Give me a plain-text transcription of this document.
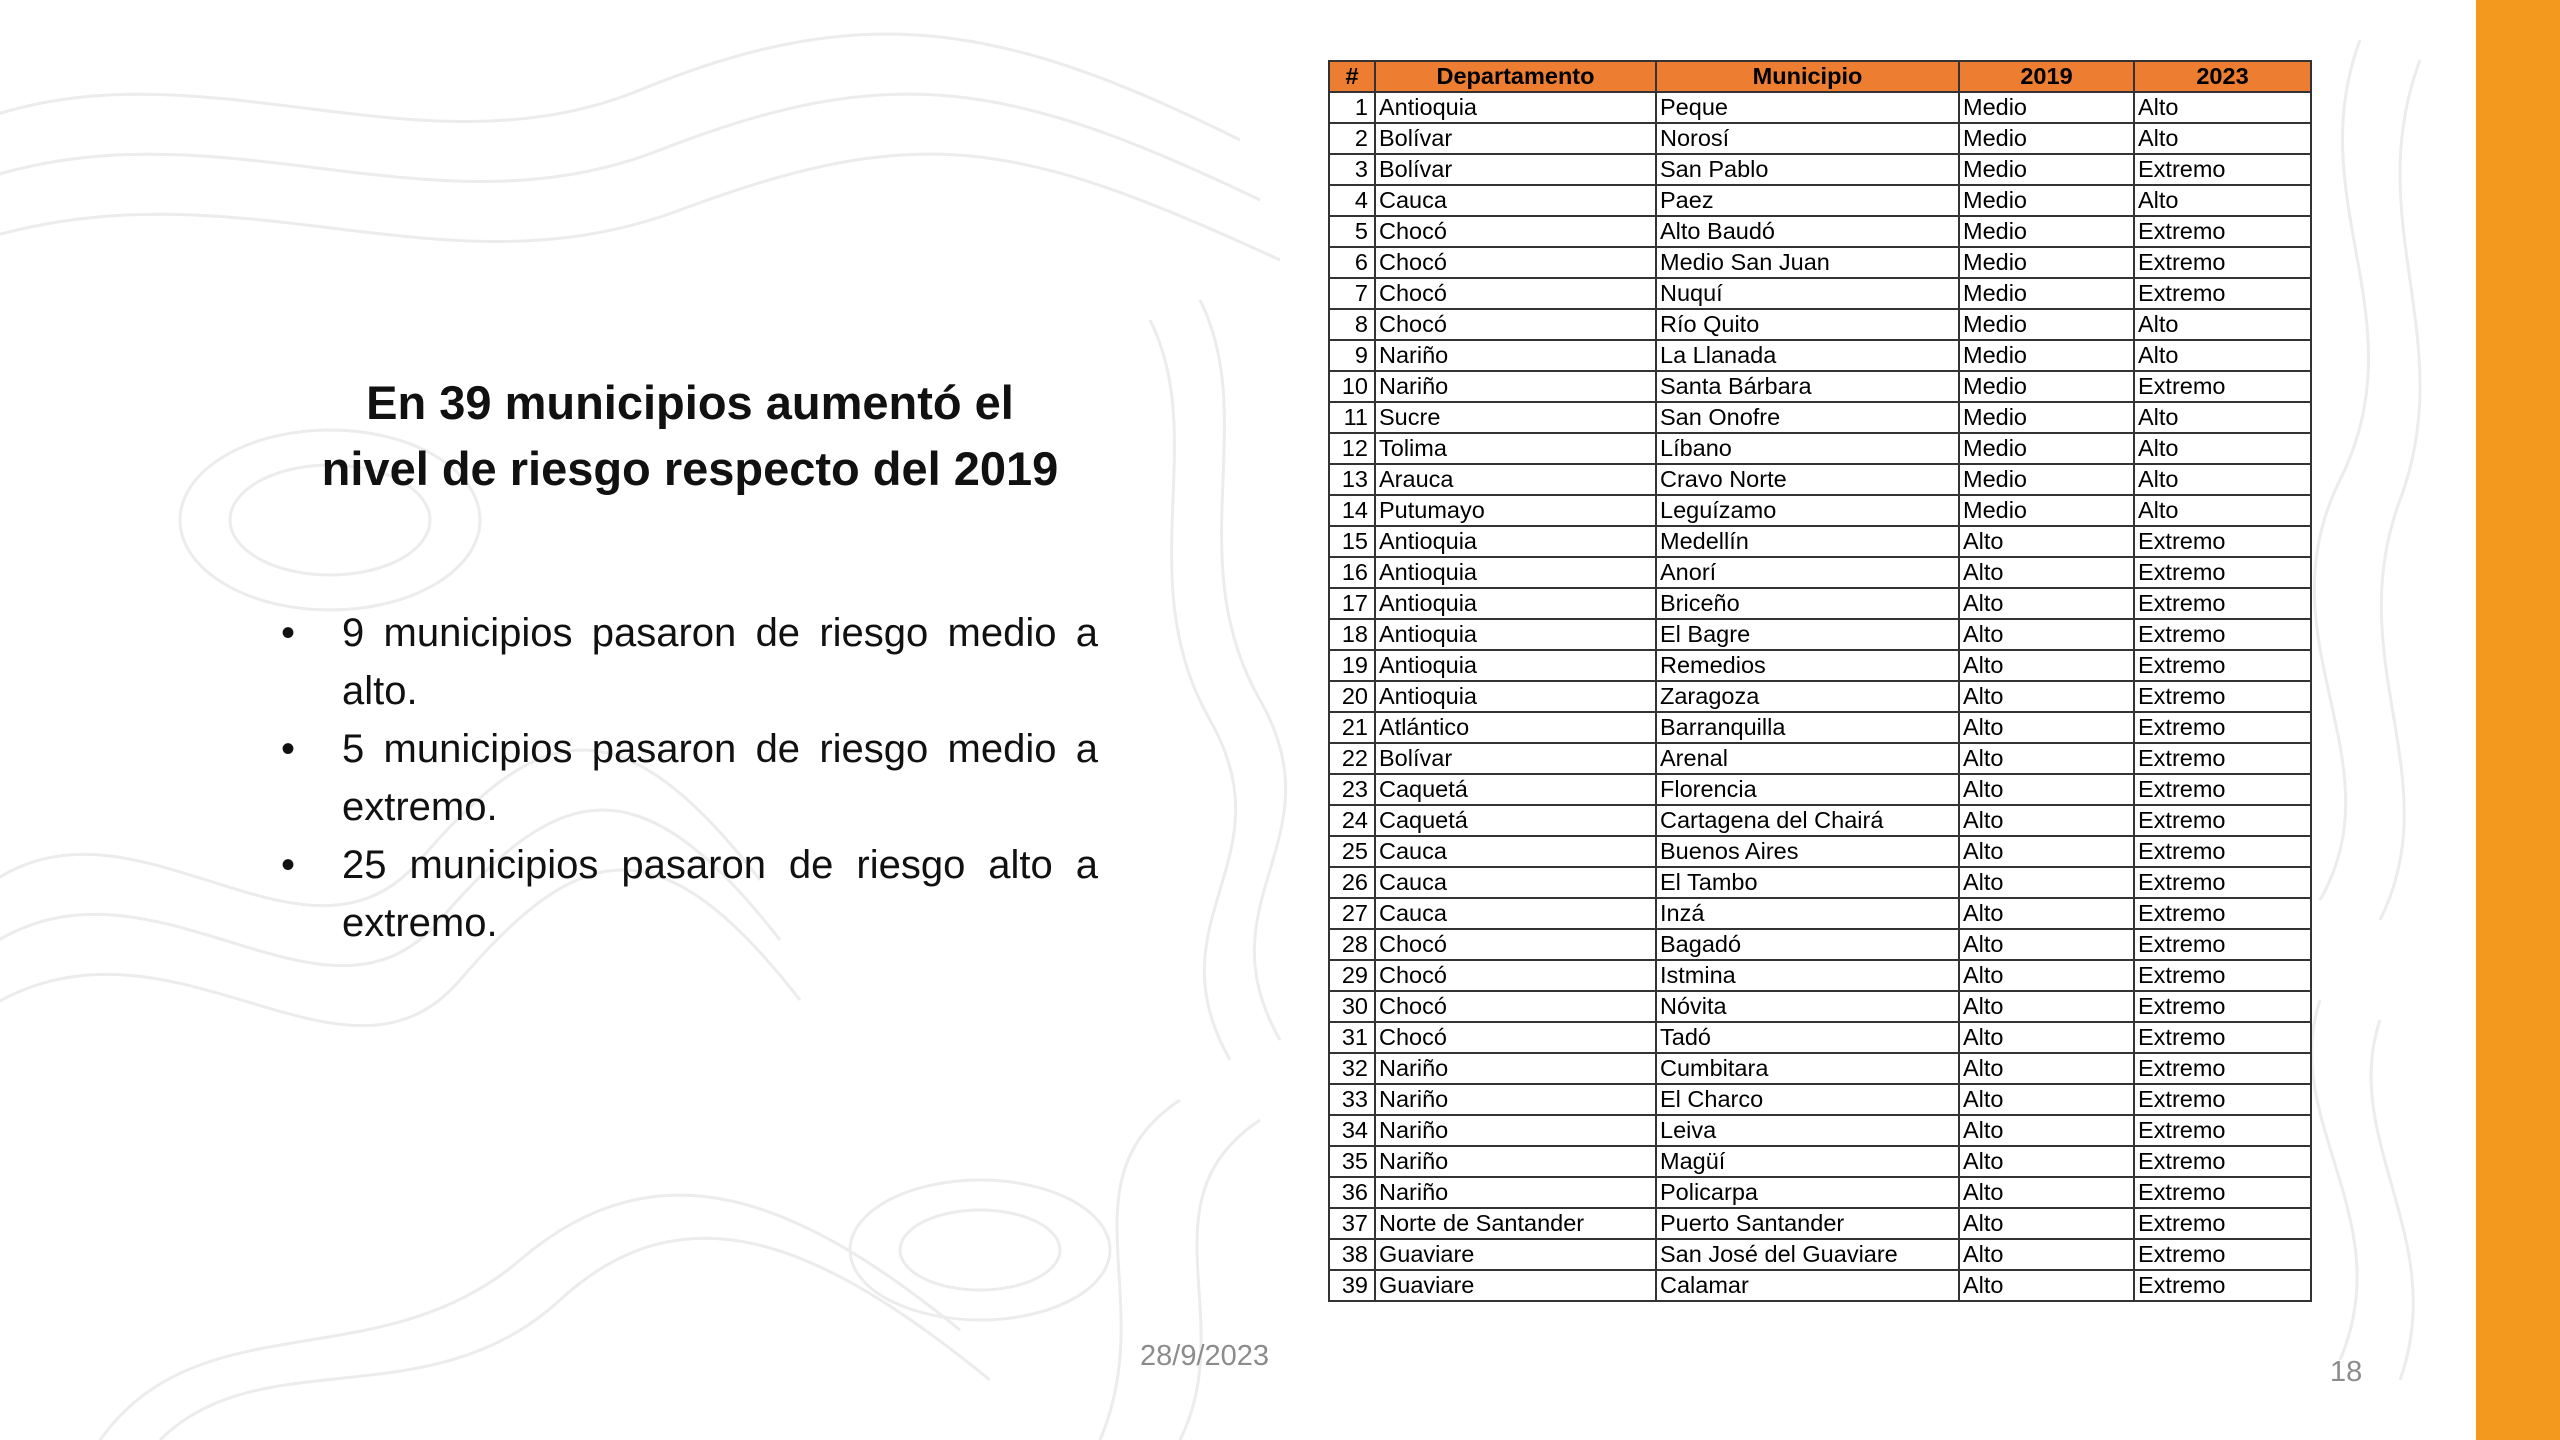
En 39 municipios aumentó el
nivel de riesgo respecto del 2019
• 9 municipios pasaron de riesgo medio a alto.
• 5 municipios pasaron de riesgo medio a extremo.
• 25 municipios pasaron de riesgo alto a extremo.
#	Departamento	Municipio	2019	2023
1	Antioquia	Peque	Medio	Alto
2	Bolívar	Norosí	Medio	Alto
3	Bolívar	San Pablo	Medio	Extremo
4	Cauca	Paez	Medio	Alto
5	Chocó	Alto Baudó	Medio	Extremo
6	Chocó	Medio San Juan	Medio	Extremo
7	Chocó	Nuquí	Medio	Extremo
8	Chocó	Río Quito	Medio	Alto
9	Nariño	La Llanada	Medio	Alto
10	Nariño	Santa Bárbara	Medio	Extremo
11	Sucre	San Onofre	Medio	Alto
12	Tolima	Líbano	Medio	Alto
13	Arauca	Cravo Norte	Medio	Alto
14	Putumayo	Leguízamo	Medio	Alto
15	Antioquia	Medellín	Alto	Extremo
16	Antioquia	Anorí	Alto	Extremo
17	Antioquia	Briceño	Alto	Extremo
18	Antioquia	El Bagre	Alto	Extremo
19	Antioquia	Remedios	Alto	Extremo
20	Antioquia	Zaragoza	Alto	Extremo
21	Atlántico	Barranquilla	Alto	Extremo
22	Bolívar	Arenal	Alto	Extremo
23	Caquetá	Florencia	Alto	Extremo
24	Caquetá	Cartagena del Chairá	Alto	Extremo
25	Cauca	Buenos Aires	Alto	Extremo
26	Cauca	El Tambo	Alto	Extremo
27	Cauca	Inzá	Alto	Extremo
28	Chocó	Bagadó	Alto	Extremo
29	Chocó	Istmina	Alto	Extremo
30	Chocó	Nóvita	Alto	Extremo
31	Chocó	Tadó	Alto	Extremo
32	Nariño	Cumbitara	Alto	Extremo
33	Nariño	El Charco	Alto	Extremo
34	Nariño	Leiva	Alto	Extremo
35	Nariño	Magüí	Alto	Extremo
36	Nariño	Policarpa	Alto	Extremo
37	Norte de Santander	Puerto Santander	Alto	Extremo
38	Guaviare	San José del Guaviare	Alto	Extremo
39	Guaviare	Calamar	Alto	Extremo
28/9/2023	18
